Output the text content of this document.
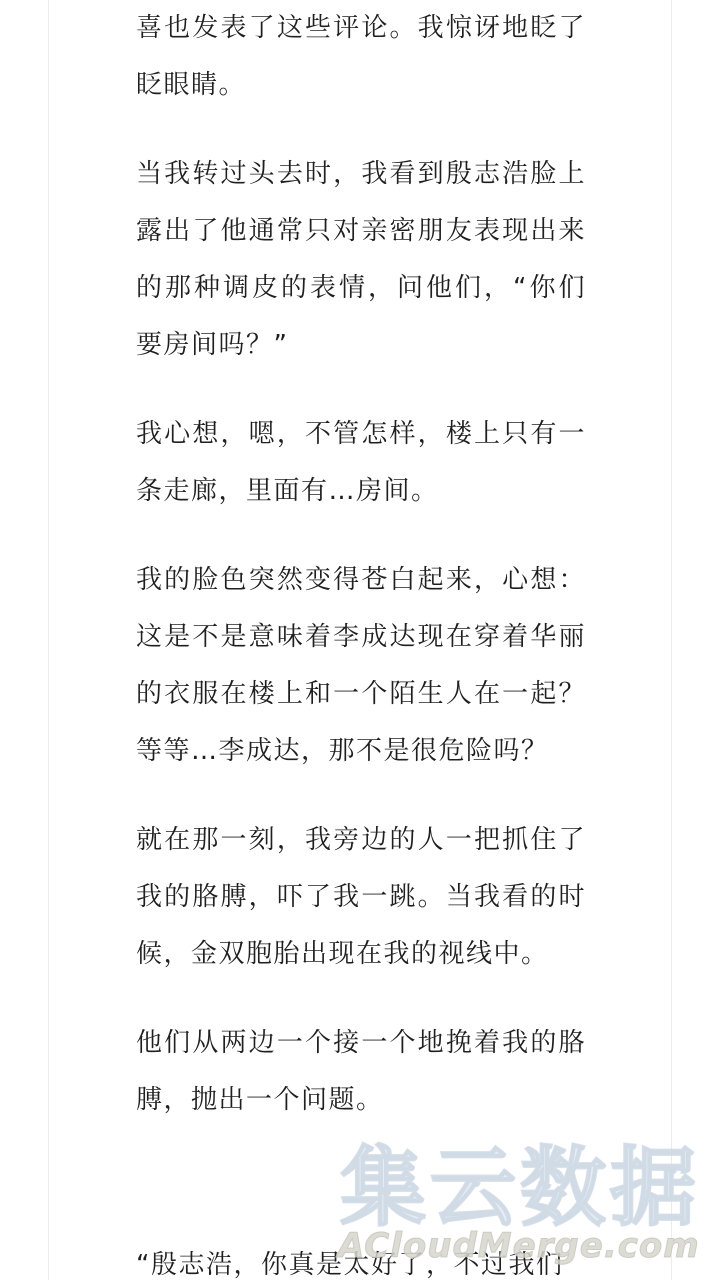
喜也发表了这些评论。我惊讶地眨了眨眼睛。

当我转过头去时，我看到殷志浩脸上露出了他通常只对亲密朋友表现出来的那种调皮的表情，问他们，“你们要房间吗？”

我心想，嗯，不管怎样，楼上只有一条走廊，里面有…房间。

我的脸色突然变得苍白起来，心想：这是不是意味着李成达现在穿着华丽的衣服在楼上和一个陌生人在一起？等等…李成达，那不是很危险吗？

就在那一刻，我旁边的人一把抓住了我的胳膊，吓了我一跳。当我看的时候，金双胞胎出现在我的视线中。

他们从两边一个接一个地挽着我的胳膊，抛出一个问题。

“殷志浩，你真是太好了，不过我们

集云数据
ACloudMerge.com
